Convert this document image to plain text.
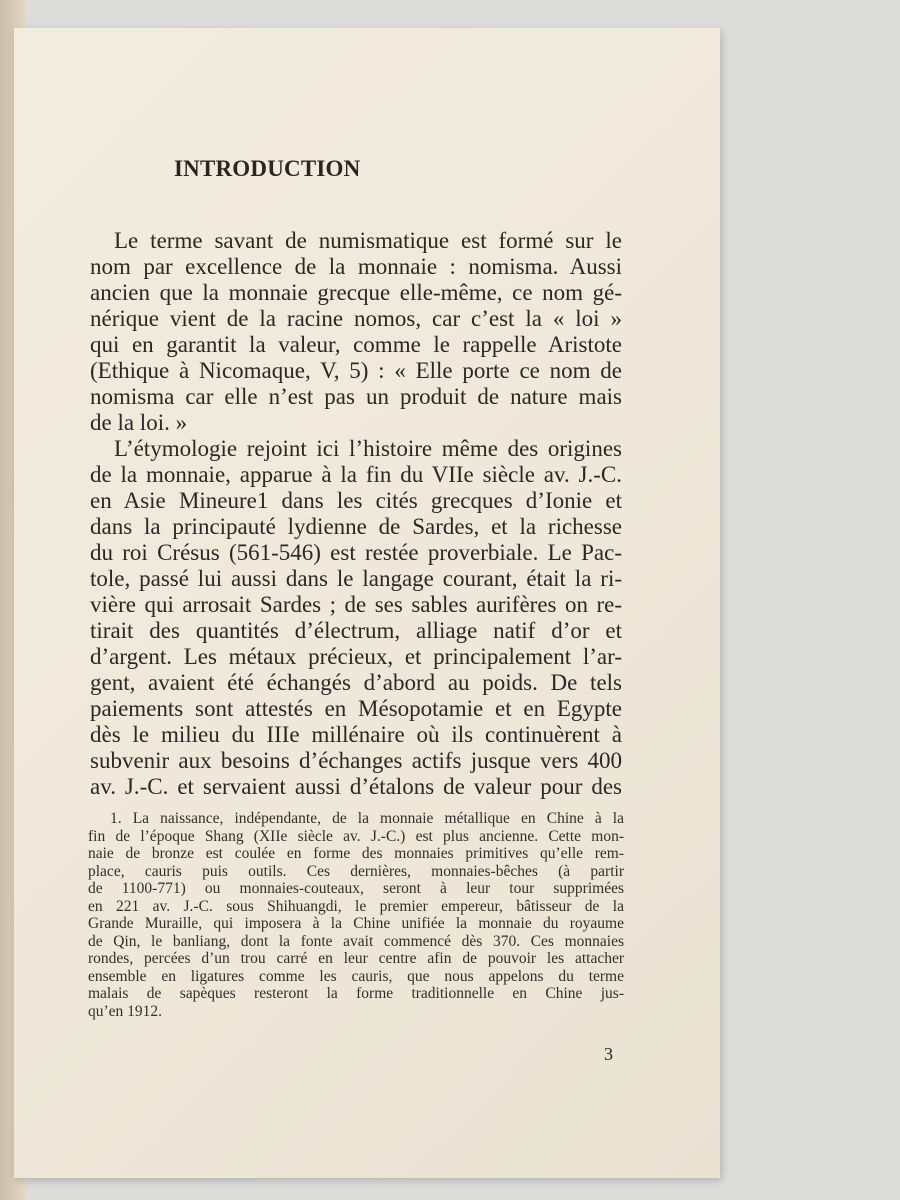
INTRODUCTION
Le terme savant de numismatique est formé sur le
nom par excellence de la monnaie : nomisma. Aussi
ancien que la monnaie grecque elle-même, ce nom gé-
nérique vient de la racine nomos, car c’est la « loi »
qui en garantit la valeur, comme le rappelle Aristote
(Ethique à Nicomaque, V, 5) : « Elle porte ce nom de
nomisma car elle n’est pas un produit de nature mais
de la loi. »
L’étymologie rejoint ici l’histoire même des origines
de la monnaie, apparue à la fin du VIIe siècle av. J.-C.
en Asie Mineure1 dans les cités grecques d’Ionie et
dans la principauté lydienne de Sardes, et la richesse
du roi Crésus (561-546) est restée proverbiale. Le Pac-
tole, passé lui aussi dans le langage courant, était la ri-
vière qui arrosait Sardes ; de ses sables aurifères on re-
tirait des quantités d’électrum, alliage natif d’or et
d’argent. Les métaux précieux, et principalement l’ar-
gent, avaient été échangés d’abord au poids. De tels
paiements sont attestés en Mésopotamie et en Egypte
dès le milieu du IIIe millénaire où ils continuèrent à
subvenir aux besoins d’échanges actifs jusque vers 400
av. J.-C. et servaient aussi d’étalons de valeur pour des
1. La naissance, indépendante, de la monnaie métallique en Chine à la
fin de l’époque Shang (XIIe siècle av. J.-C.) est plus ancienne. Cette mon-
naie de bronze est coulée en forme des monnaies primitives qu’elle rem-
place, cauris puis outils. Ces dernières, monnaies-bêches (à partir
de 1100-771) ou monnaies-couteaux, seront à leur tour supprimées
en 221 av. J.-C. sous Shihuangdi, le premier empereur, bâtisseur de la
Grande Muraille, qui imposera à la Chine unifiée la monnaie du royaume
de Qin, le banliang, dont la fonte avait commencé dès 370. Ces monnaies
rondes, percées d’un trou carré en leur centre afin de pouvoir les attacher
ensemble en ligatures comme les cauris, que nous appelons du terme
malais de sapèques resteront la forme traditionnelle en Chine jus-
qu’en 1912.
3
